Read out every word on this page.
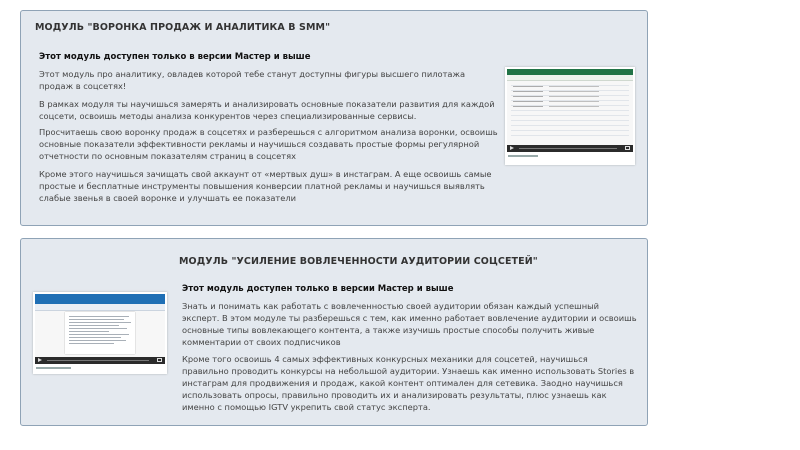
МОДУЛЬ "ВОРОНКА ПРОДАЖ И АНАЛИТИКА В SMM"
Этот модуль доступен только в версии Мастер и выше

Этот модуль про аналитику, овладев которой тебе станут доступны фигуры высшего пилотажа продаж в соцсетях!

В рамках модуля ты научишься замерять и анализировать основные показатели развития для каждой соцсети, освоишь методы анализа конкурентов через специализированные сервисы.

Просчитаешь свою воронку продаж в соцсетях и разберешься с алгоритмом анализа воронки, освоишь основные показатели эффективности рекламы и научишься создавать простые формы регулярной отчетности по основным показателям страниц в соцсетях

Кроме этого научишься зачищать свой аккаунт от «мертвых душ» в инстаграм. А еще освоишь самые простые и бесплатные инструменты повышения конверсии платной рекламы и научишься выявлять слабые звенья в своей воронке и улучшать ее показатели

МОДУЛЬ "УСИЛЕНИЕ ВОВЛЕЧЕННОСТИ АУДИТОРИИ СОЦСЕТЕЙ"
Этот модуль доступен только в версии Мастер и выше

Знать и понимать как работать с вовлеченностью своей аудитории обязан каждый успешный эксперт. В этом модуле ты разберешься с тем, как именно работает вовлечение аудитории и освоишь основные типы вовлекающего контента, а также изучишь простые способы получить живые комментарии от своих подписчиков

Кроме того освоишь 4 самых эффективных конкурсных механики для соцсетей, научишься правильно проводить конкурсы на небольшой аудитории. Узнаешь как именно использовать Stories в инстаграм для продвижения и продаж, какой контент оптимален для сетевика. Заодно научишься использовать опросы, правильно проводить их и анализировать результаты, плюс узнаешь как именно с помощью IGTV укрепить свой статус эксперта.
